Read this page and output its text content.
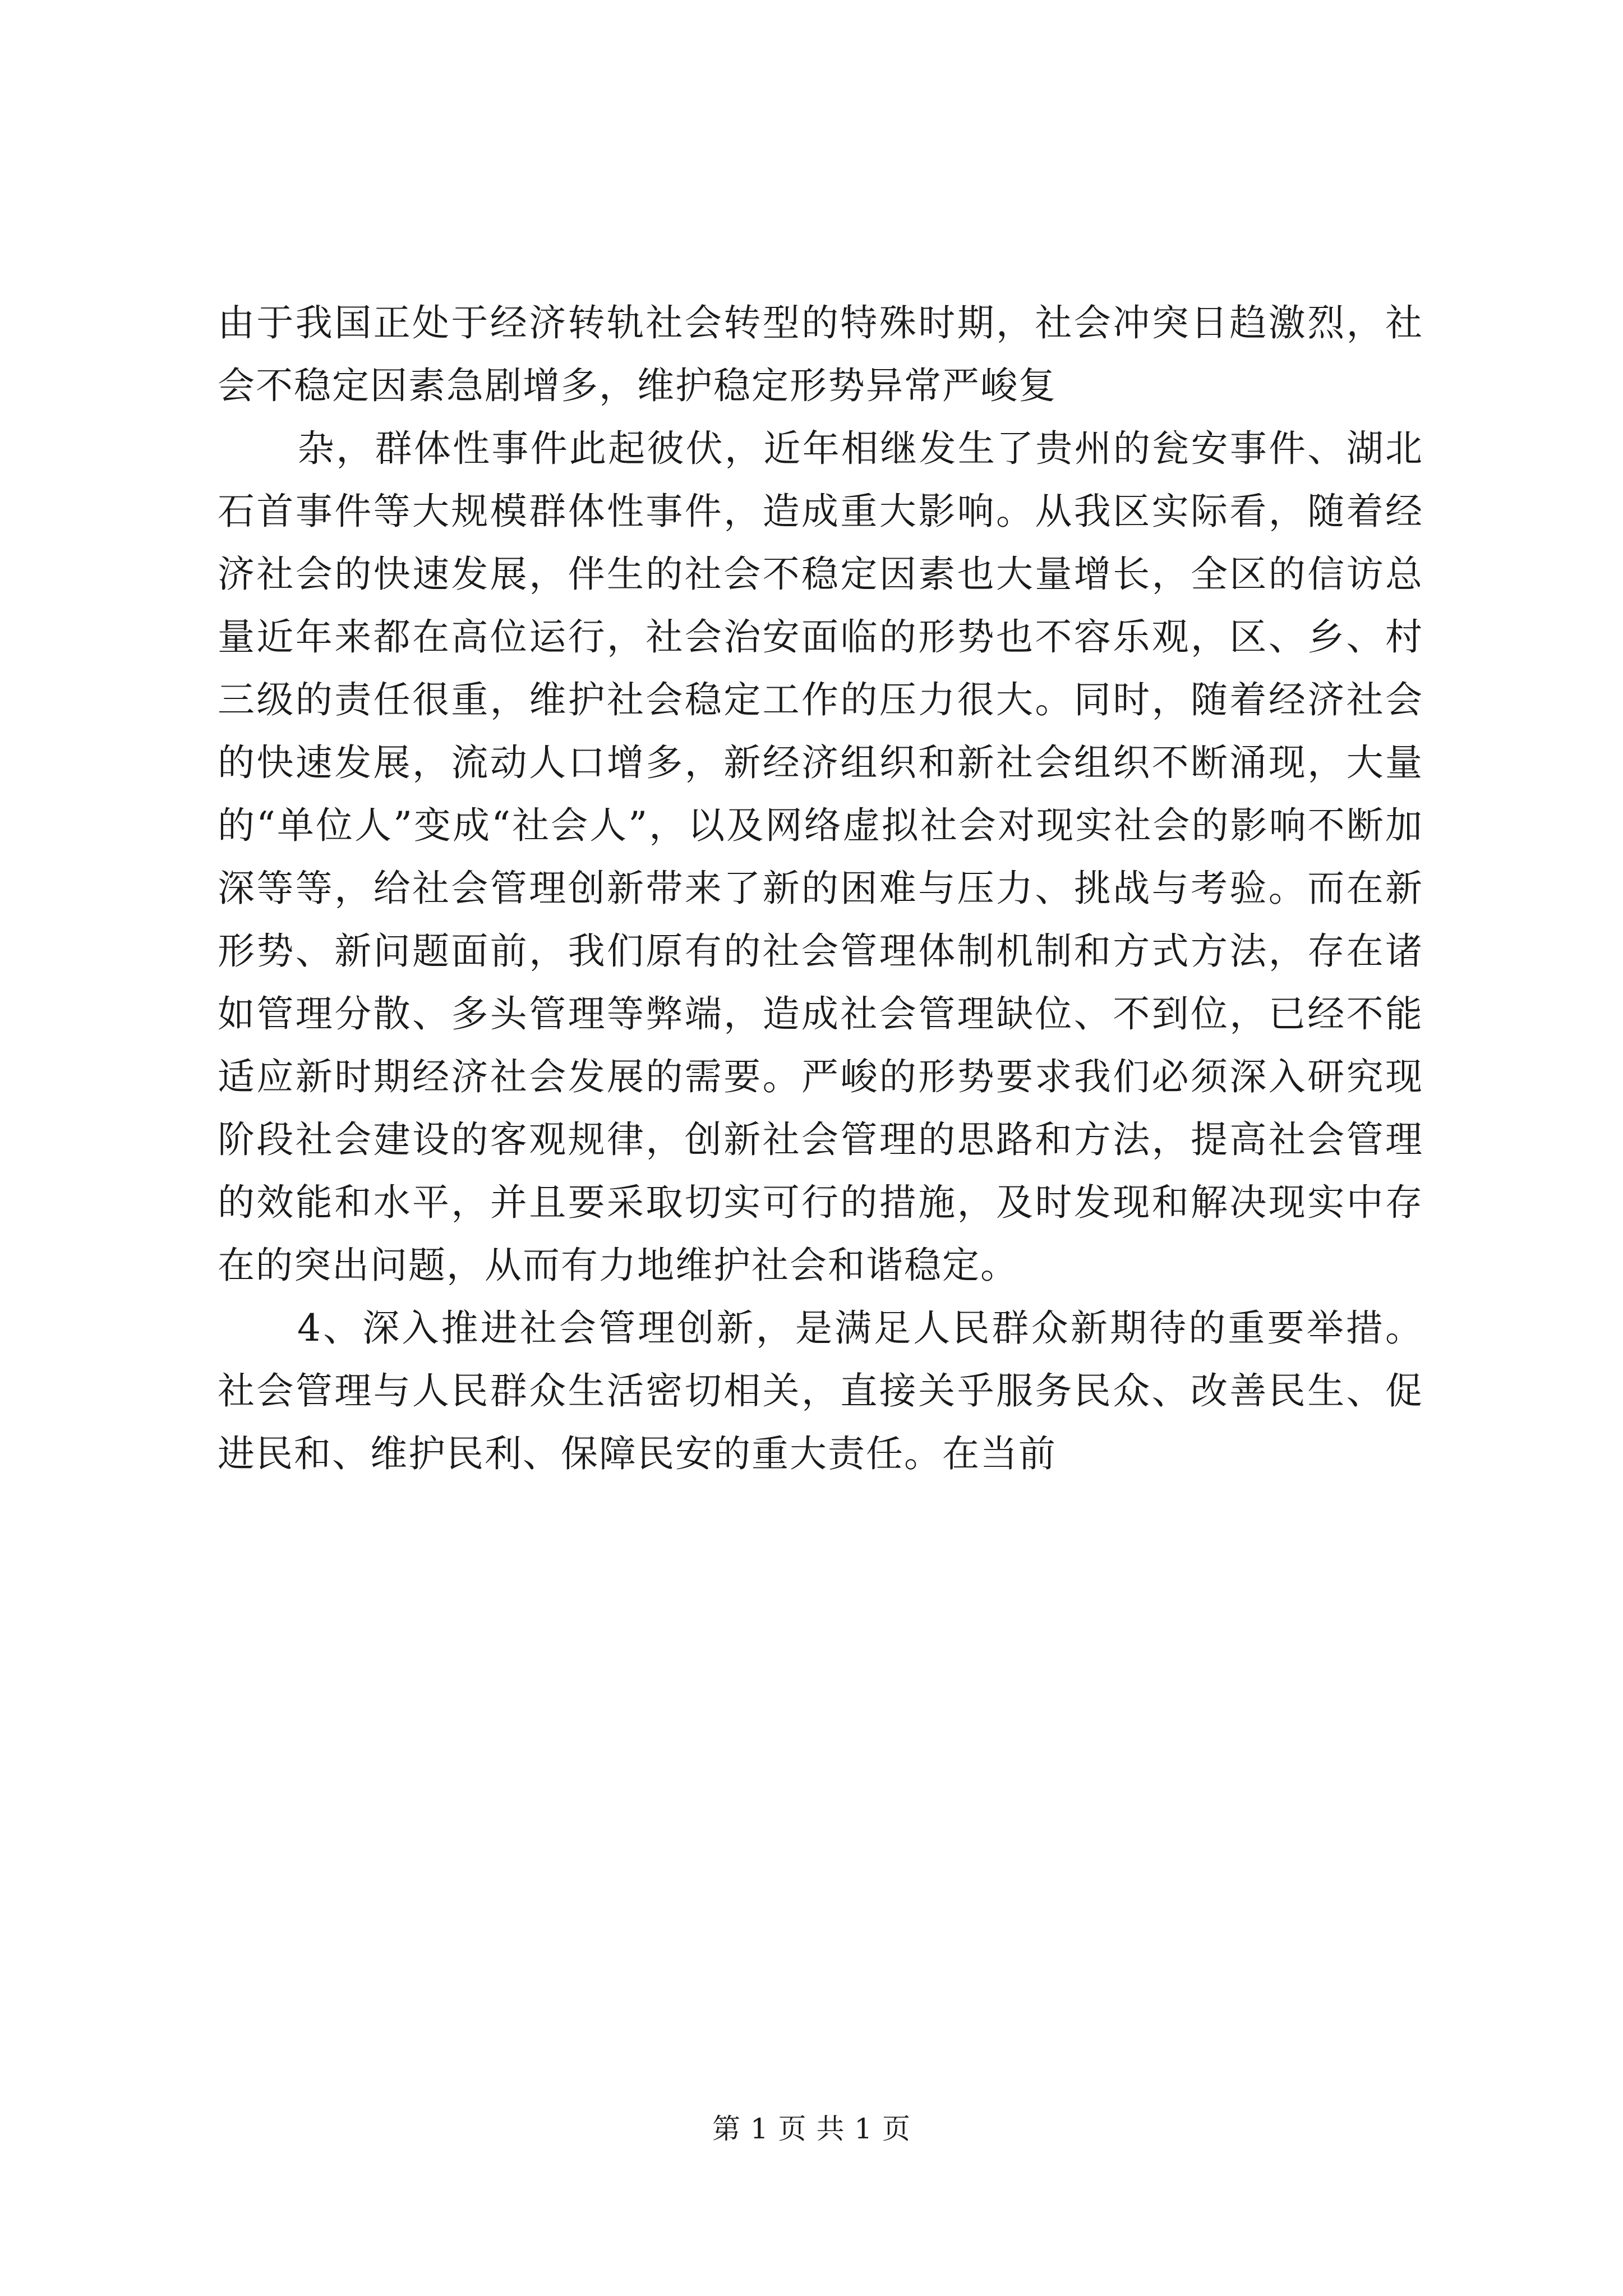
由于我国正处于经济转轨社会转型的特殊时期，社会冲突日趋激烈，社会不稳定因素急剧增多，维护稳定形势异常严峻复

杂，群体性事件此起彼伏，近年相继发生了贵州的瓮安事件、湖北石首事件等大规模群体性事件，造成重大影响。从我区实际看，随着经济社会的快速发展，伴生的社会不稳定因素也大量增长，全区的信访总量近年来都在高位运行，社会治安面临的形势也不容乐观，区、乡、村三级的责任很重，维护社会稳定工作的压力很大。同时，随着经济社会的快速发展，流动人口增多，新经济组织和新社会组织不断涌现，大量的“单位人”变成“社会人”，以及网络虚拟社会对现实社会的影响不断加深等等，给社会管理创新带来了新的困难与压力、挑战与考验。而在新形势、新问题面前，我们原有的社会管理体制机制和方式方法，存在诸如管理分散、多头管理等弊端，造成社会管理缺位、不到位，已经不能适应新时期经济社会发展的需要。严峻的形势要求我们必须深入研究现阶段社会建设的客观规律，创新社会管理的思路和方法，提高社会管理的效能和水平，并且要采取切实可行的措施，及时发现和解决现实中存在的突出问题，从而有力地维护社会和谐稳定。

4、深入推进社会管理创新，是满足人民群众新期待的重要举措。社会管理与人民群众生活密切相关，直接关乎服务民众、改善民生、促进民和、维护民利、保障民安的重大责任。在当前

第 1 页 共 1 页
